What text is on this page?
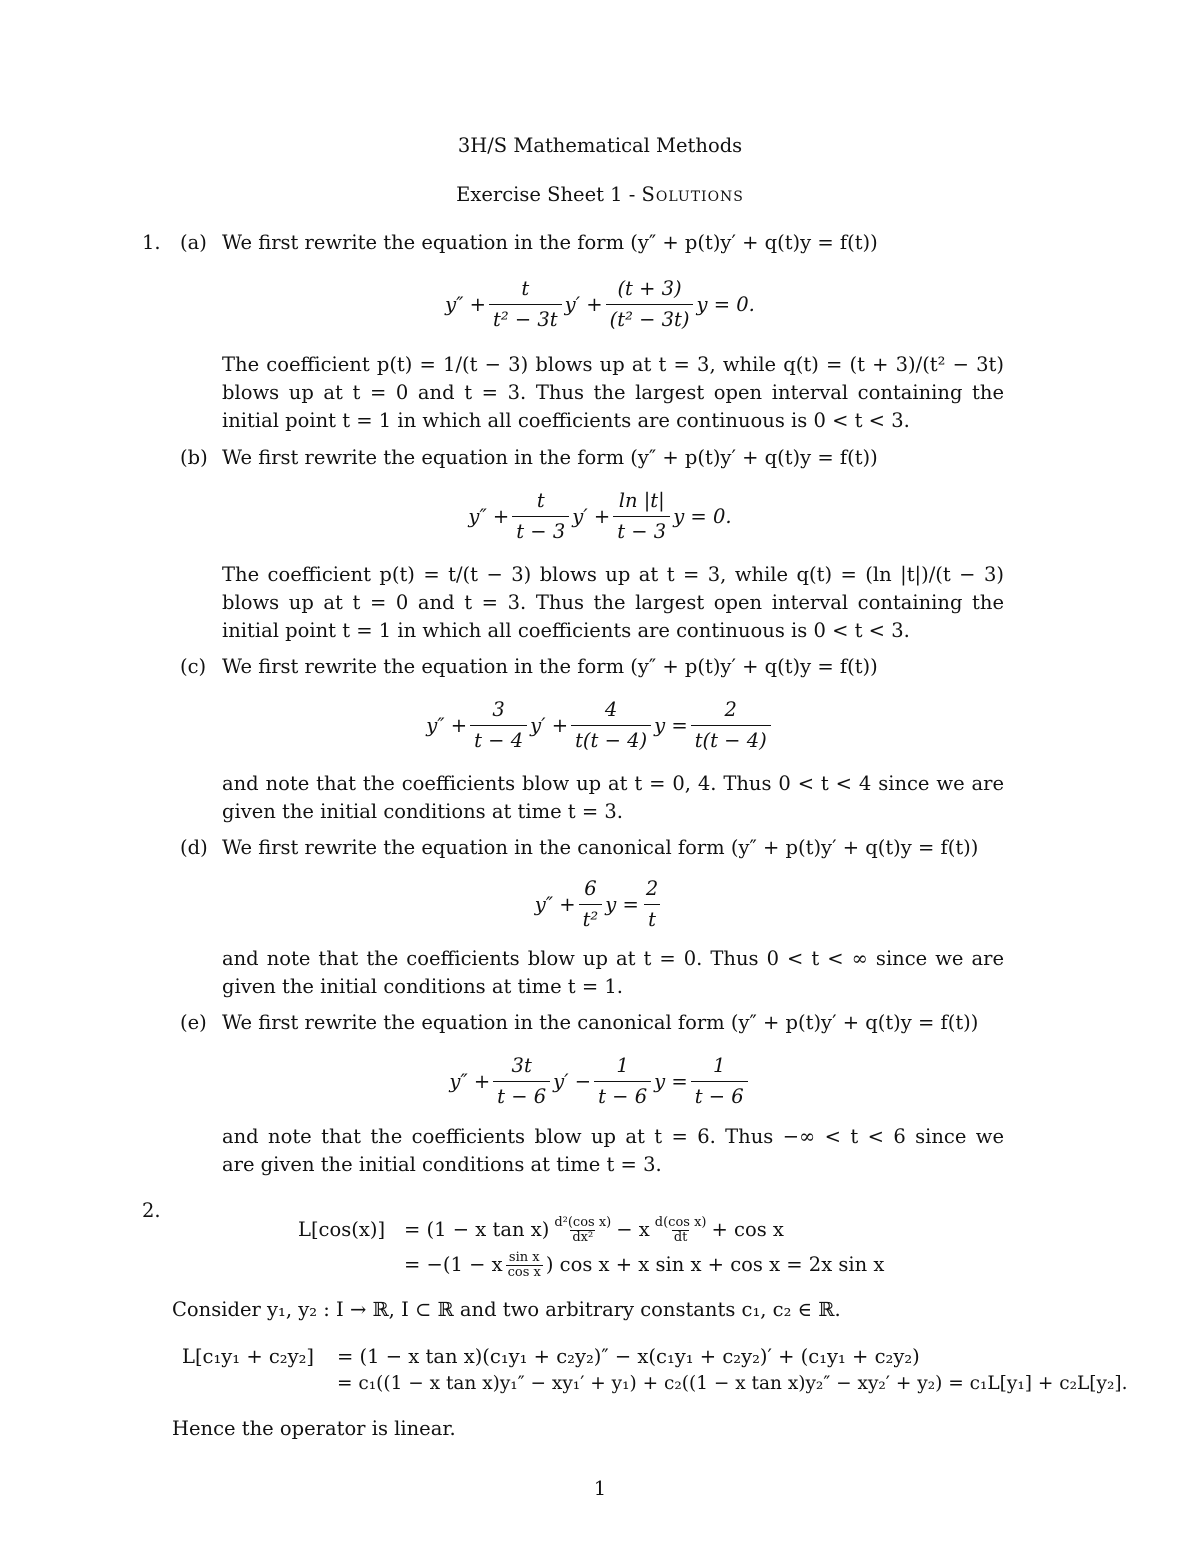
3H/S Mathematical Methods
Exercise Sheet 1 - Solutions
1. (a) We first rewrite the equation in the form (y″ + p(t)y′ + q(t)y = f(t))
$y'' + \frac{t}{\text{t² − 3t}} y' + \frac{(t + 3)}{\text{(t² − 3t)}}$ y = 0.
The coefficient p(t) = 1/(t − 3) blows up at t = 3, while q(t) = (t + 3)/(t² − 3t)
blows up at t = 0 and t = 3. Thus the largest open interval containing the
initial point t = 1 in which all coefficients are continuous is 0 < t < 3.
(b) We first rewrite the equation in the form (y″ + p(t)y′ + q(t)y = f(t))
$y'' + \frac{t}{t - 3} y' + \frac{\ln |t|}{t - 3}$ y = 0.
The coefficient p(t) = t/(t − 3) blows up at t = 3, while q(t) = (ln |t|)/(t − 3)
blows up at t = 0 and t = 3. Thus the largest open interval containing the
initial point t = 1 in which all coefficients are continuous is 0 < t < 3.
(c) We first rewrite the equation in the form (y″ + p(t)y′ + q(t)y = f(t))
$y'' + \frac{3}{t - 4} y' + \frac{4}{t(t - 4)}$ $y = \frac{2}{t(t - 4)}$
and note that the coefficients blow up at t = 0, 4. Thus 0 < t < 4 since we are
given the initial conditions at time t = 3.
(d) We first rewrite the equation in the canonical form (y″ + p(t)y′ + q(t)y = f(t))
$y'' + \frac{6}{\text{t²}}$ $y = \frac{2}{t}$
and note that the coefficients blow up at t = 0. Thus 0 < t < ∞ since we are
given the initial conditions at time t = 1.
(e) We first rewrite the equation in the canonical form (y″ + p(t)y′ + q(t)y = f(t))
$y'' + \frac{3t}{t - 6} y' - \frac{1}{t - 6}$ $y = \frac{1}{t - 6}$
and note that the coefficients blow up at t = 6. Thus −∞ < t < 6 since we
are given the initial conditions at time t = 3.
2.
L[cos(x)] = (1 − x $\tan x) \frac{\text{d²(cos x)}}{\text{dx²}} - x \frac{\text{d(cos x)}}{dt} + \cos x$
= −(1 − x $\frac{\text{sin x}}{\text{cos x}}$ ) cos x + x sin x + cos x = 2x sin x
Consider y₁, y₂ : I → ℝ, I ⊂ ℝ and two arbitrary constants c₁, c₂ ∈ ℝ.
L[c₁y₁ + c₂y₂] = (1 − x tan x)(c₁y₁ + c₂y₂)″ − x(c₁y₁ + c₂y₂)′ + (c₁y₁ + c₂y₂)
= c₁((1 − x tan x)y₁″ − xy₁′ + y₁) + c₂((1 − x tan x)y₂″ − xy₂′ + y₂) = c₁L[y₁] + c₂L[y₂].
Hence the operator is linear.
1
